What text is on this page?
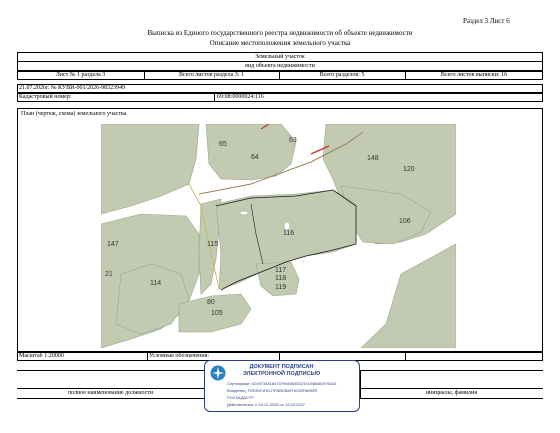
Раздел 3 Лист 6
Выписка из Единого государственного реестра недвижимости об объекте недвижимости
Описание местоположения земельного участка
Земельный участок
вид объекта недвижимости
Лист № 1 раздела 3	Всего листов раздела 3: 1	Всего разделов: 5	Всего листов выписки: 16
21.07.2026г. № КУВИ-001/2026-98323949
Кадастровый номер:	69:08:0000024:116
План (чертеж, схема) земельного участка
65
64
63
148
120
106
116
147	115
21
114
117
118
119
80
105
Масштаб 1:20000	Условные обозначения:
полное наименование должности	инициалы, фамилия
ДОКУМЕНТ ПОДПИСАН
ЭЛЕКТРОННОЙ ПОДПИСЬЮ
Сертификат: 02097344184707998083532191048881976443
Владелец: ПУБЛИЧНО-ПРАВОВАЯ КОМПАНИЯ
РОСКАДАСТР
Действителен: с 24.12.2025 по 19.03.2027
